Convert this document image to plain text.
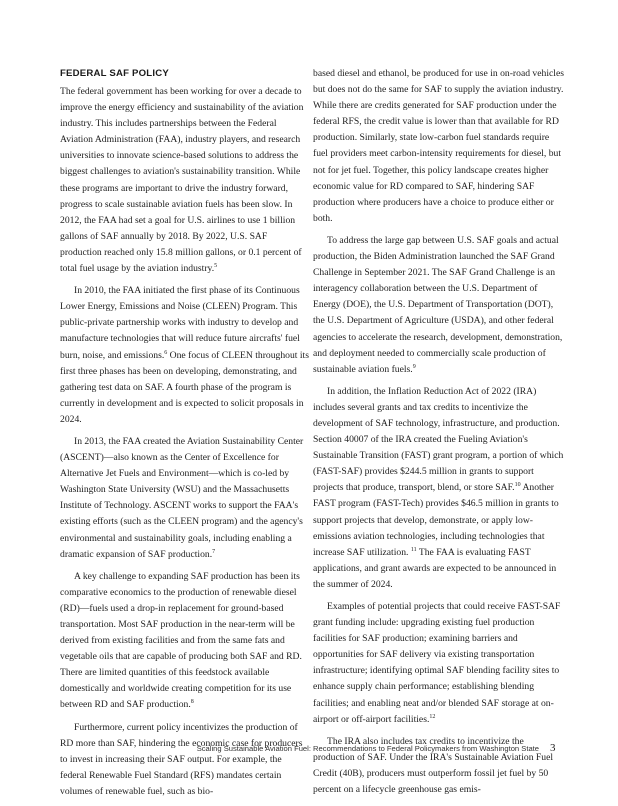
FEDERAL SAF POLICY

The federal government has been working for over a decade to improve the energy efficiency and sustainability of the aviation industry. This includes partnerships between the Federal Aviation Administration (FAA), industry players, and research universities to innovate science-based solutions to address the biggest challenges to aviation's sustainability transition. While these programs are important to drive the industry forward, progress to scale sustainable aviation fuels has been slow. In 2012, the FAA had set a goal for U.S. airlines to use 1 billion gallons of SAF annually by 2018. By 2022, U.S. SAF production reached only 15.8 million gallons, or 0.1 percent of total fuel usage by the aviation industry.$^5$

In 2010, the FAA initiated the first phase of its Continuous Lower Energy, Emissions and Noise (CLEEN) Program. This public-private partnership works with industry to develop and manufacture technologies that will reduce future aircrafts' fuel burn, noise, and emissions.$^6$ One focus of CLEEN throughout its first three phases has been on developing, demonstrating, and gathering test data on SAF. A fourth phase of the program is currently in development and is expected to solicit proposals in 2024.

In 2013, the FAA created the Aviation Sustainability Center (ASCENT)—also known as the Center of Excellence for Alternative Jet Fuels and Environment—which is co-led by Washington State University (WSU) and the Massachusetts Institute of Technology. ASCENT works to support the FAA's existing efforts (such as the CLEEN program) and the agency's environmental and sustainability goals, including enabling a dramatic expansion of SAF production.$^7$

A key challenge to expanding SAF production has been its comparative economics to the production of renewable diesel (RD)—fuels used a drop-in replacement for ground-based transportation. Most SAF production in the near-term will be derived from existing facilities and from the same fats and vegetable oils that are capable of producing both SAF and RD. There are limited quantities of this feedstock available domestically and worldwide creating competition for its use between RD and SAF production.$^8$

Furthermore, current policy incentivizes the production of RD more than SAF, hindering the economic case for producers to invest in increasing their SAF output. For example, the federal Renewable Fuel Standard (RFS) mandates certain volumes of renewable fuel, such as bio-

based diesel and ethanol, be produced for use in on-road vehicles but does not do the same for SAF to supply the aviation industry. While there are credits generated for SAF production under the federal RFS, the credit value is lower than that available for RD production. Similarly, state low-carbon fuel standards require fuel providers meet carbon-intensity requirements for diesel, but not for jet fuel. Together, this policy landscape creates higher economic value for RD compared to SAF, hindering SAF production where producers have a choice to produce either or both.

To address the large gap between U.S. SAF goals and actual production, the Biden Administration launched the SAF Grand Challenge in September 2021. The SAF Grand Challenge is an interagency collaboration between the U.S. Department of Energy (DOE), the U.S. Department of Transportation (DOT), the U.S. Department of Agriculture (USDA), and other federal agencies to accelerate the research, development, demonstration, and deployment needed to commercially scale production of sustainable aviation fuels.$^9$

In addition, the Inflation Reduction Act of 2022 (IRA) includes several grants and tax credits to incentivize the development of SAF technology, infrastructure, and production. Section 40007 of the IRA created the Fueling Aviation's Sustainable Transition (FAST) grant program, a portion of which (FAST-SAF) provides $244.5 million in grants to support projects that produce, transport, blend, or store SAF.$^{10}$ Another FAST program (FAST-Tech) provides $46.5 million in grants to support projects that develop, demonstrate, or apply low-emissions aviation technologies, including technologies that increase SAF utilization. $^{11}$ The FAA is evaluating FAST applications, and grant awards are expected to be announced in the summer of 2024.

Examples of potential projects that could receive FAST-SAF grant funding include: upgrading existing fuel production facilities for SAF production; examining barriers and opportunities for SAF delivery via existing transportation infrastructure; identifying optimal SAF blending facility sites to enhance supply chain performance; establishing blending facilities; and enabling neat and/or blended SAF storage at on-airport or off-airport facilities.$^{12}$

The IRA also includes tax credits to incentivize the production of SAF. Under the IRA's Sustainable Aviation Fuel Credit (40B), producers must outperform fossil jet fuel by 50 percent on a lifecycle greenhouse gas emis-

Scaling Sustainable Aviation Fuel: Recommendations to Federal Policymakers from Washington State 3
